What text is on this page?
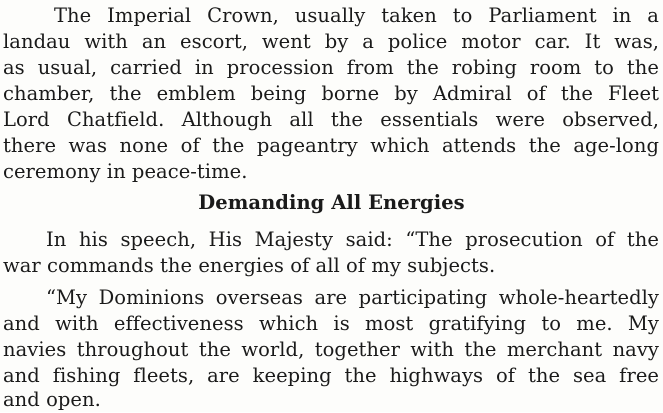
The Imperial Crown, usually taken to Parliament in a
landau with an escort, went by a police motor car. It was,
as usual, carried in procession from the robing room to the
chamber, the emblem being borne by Admiral of the Fleet
Lord Chatfield. Although all the essentials were observed,
there was none of the pageantry which attends the age-long
ceremony in peace-time.
Demanding All Energies
In his speech, His Majesty said: “The prosecution of the
war commands the energies of all of my subjects.
“My Dominions overseas are participating whole-heartedly
and with effectiveness which is most gratifying to me. My
navies throughout the world, together with the merchant navy
and fishing fleets, are keeping the highways of the sea free
and open.
